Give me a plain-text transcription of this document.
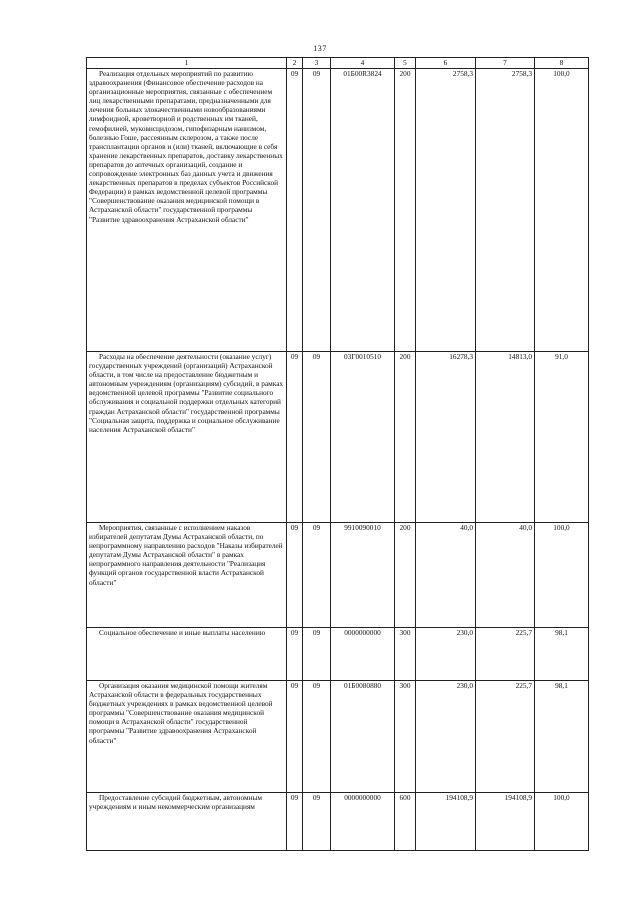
137
1	2	3	4	5	6	7	8
Реализация отдельных мероприятий по развитию здравоохранения (Финансовое обеспечение расходов на организационные мероприятия, связанные с обеспечением лиц лекарственными препаратами, предназначенными для лечения больных злокачественными новообразованиями лимфоидной, кроветворной и родственных им тканей, гемофилией, муковисцидозом, гипофизарным нанизмом, болезнью Гоше, рассеянным склерозом, а также после трансплантации органов и (или) тканей, включающие в себя хранение лекарственных препаратов, доставку лекарственных препаратов до аптечных организаций, создание и сопровождение электронных баз данных учета и движения лекарственных препаратов в пределах субъектов Российской Федерации) в рамках ведомственной целевой программы "Совершенствование оказания медицинской помощи в Астраханской области" государственной программы "Развитие здравоохранения Астраханской области"	09	09	01Б00R3824	200	2758,3	2758,3	100,0
Расходы на обеспечение деятельности (оказание услуг) государственных учреждений (организаций) Астраханской области, в том числе на предоставление бюджетным и автономным учреждениям (организациям) субсидий, в рамках ведомственной целевой программы "Развитие социального обслуживания и социальной поддержки отдельных категорий граждан Астраханской области" государственной программы "Социальная защита, поддержка и социальное обслуживание населения Астраханской области"	09	09	03Г0010510	200	16278,3	14813,0	91,0
Мероприятия, связанные с исполнением наказов избирателей депутатам Думы Астраханской области, по непрограммному направлению расходов "Наказы избирателей депутатам Думы Астраханской области" в рамках непрограммного направления деятельности "Реализация функций органов государственной власти Астраханской области"	09	09	9910090010	200	40,0	40,0	100,0
Социальное обеспечение и иные выплаты населению	09	09	0000000000	300	230,0	225,7	98,1
Организация оказания медицинской помощи жителям Астраханской области в федеральных государственных бюджетных учреждениях в рамках ведомственной целевой программы "Совершенствование оказания медицинской помощи в Астраханской области" государственной программы "Развитие здравоохранения Астраханской области"	09	09	01Б0080880	300	230,0	225,7	98,1
Предоставление субсидий бюджетным, автономным учреждениям и иным некоммерческим организациям	09	09	0000000000	600	194108,9	194108,9	100,0
